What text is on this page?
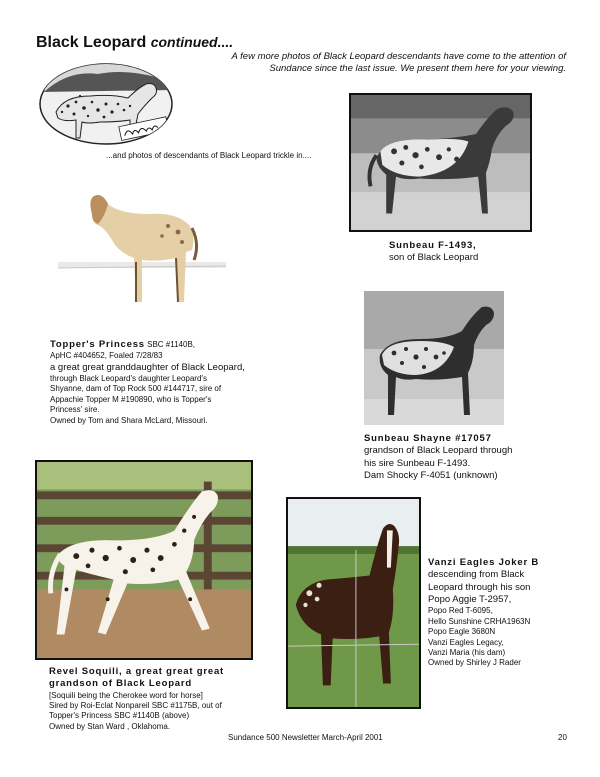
Black Leopard continued....
A few more photos of Black Leopard descendants have come to the attention of Sundance since the last issue. We present them here for your viewing.
...and photos of descendants of Black Leopard trickle in....
Sunbeau F-1493,
son of Black Leopard
Topper's Princess SBC #1140B,
ApHC #404652, Foaled 7/28/83
a great great granddaughter of Black Leopard,
through Black Leopard's daughter Leopard's
Shyanne, dam of Top Rock 500 #144717, sire of
Appachie Topper M #190890, who is Topper's
Princess' sire.
Owned by Tom and Shara McLard, Missouri.
Sunbeau Shayne #17057
grandson of Black Leopard through
his sire Sunbeau F-1493.
Dam Shocky F-4051 (unknown)
Revel Soquili, a great great great
grandson of Black Leopard
[Soquili being the Cherokee word for horse]
Sired by Roi-Eclat Nonpareil SBC #1175B, out of
Topper's Princess SBC #1140B (above)
Owned by Stan Ward , Oklahoma.
Vanzi Eagles Joker B
descending from Black
Leopard through his son
Popo Aggie T-2957,
Popo Red T-6095,
Hello Sunshine CRHA1963N
Popo Eagle 3680N
Vanzi Eagles Legacy,
Vanzi Maria (his dam)
Owned by Shirley J Rader
Sundance 500 Newsletter March-April 2001	20
